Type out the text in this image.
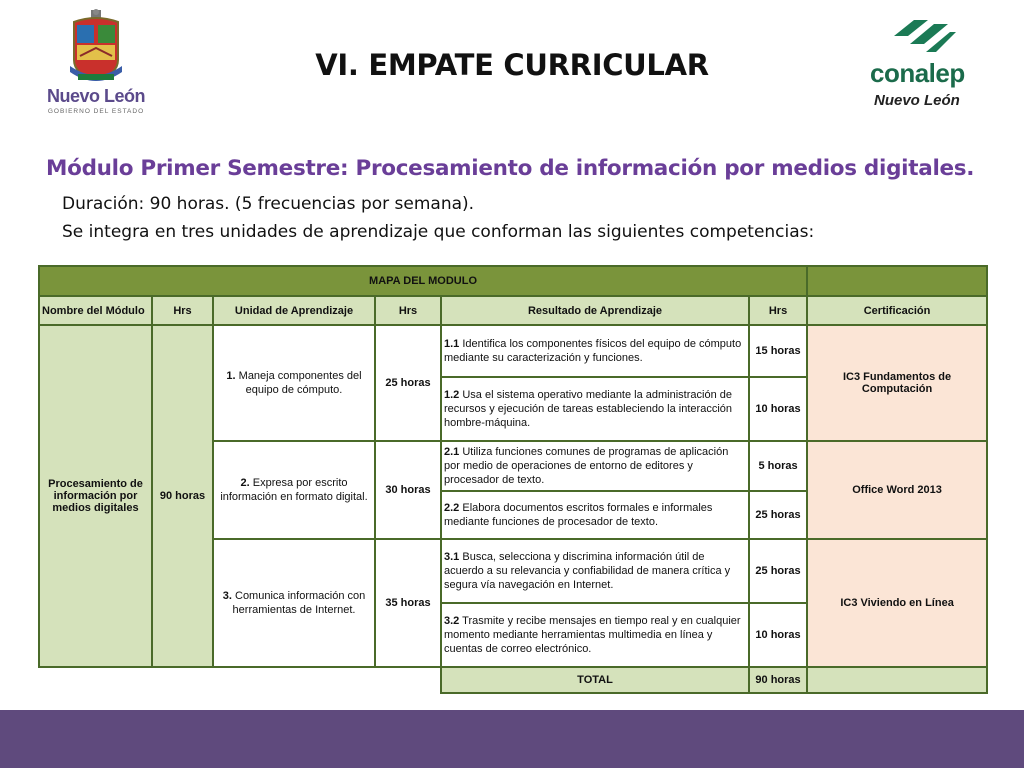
Nuevo León
GOBIERNO DEL ESTADO
VI. EMPATE CURRICULAR	conalep
Nuevo León
Módulo Primer Semestre: Procesamiento de información por medios digitales.
Duración: 90 horas. (5 frecuencias por semana).
Se integra en tres unidades de aprendizaje que conforman las siguientes competencias:
MAPA DEL MODULO						
Nombre del Módulo	Hrs	Unidad de Aprendizaje	Hrs	Resultado de Aprendizaje	Hrs	Certificación
Procesamiento de información por medios digitales	90 horas	1. Maneja componentes del equipo de cómputo.	25 horas	1.1 Identifica los componentes físicos del equipo de cómputo mediante su caracterización y funciones.	15 horas	IC3 Fundamentos de Computación
				1.2 Usa el sistema operativo mediante la administración de recursos y ejecución de tareas estableciendo la interacción hombre-máquina.	10 horas	
		2. Expresa por escrito información en formato digital.	30 horas	2.1 Utiliza funciones comunes de programas de aplicación por medio de operaciones de entorno de editores y procesador de texto.	5 horas	Office Word 2013
				2.2 Elabora documentos escritos formales e informales mediante funciones de procesador de texto.	25 horas	
		3. Comunica información con herramientas de Internet.	35 horas	3.1 Busca, selecciona y discrimina información útil de acuerdo a su relevancia y confiabilidad de manera crítica y segura vía navegación en Internet.	25 horas	IC3 Viviendo en Línea
				3.2 Trasmite y recibe mensajes en tiempo real y en cualquier momento mediante herramientas multimedia en línea y cuentas de correo electrónico.	10 horas	
				TOTAL	90 horas	
